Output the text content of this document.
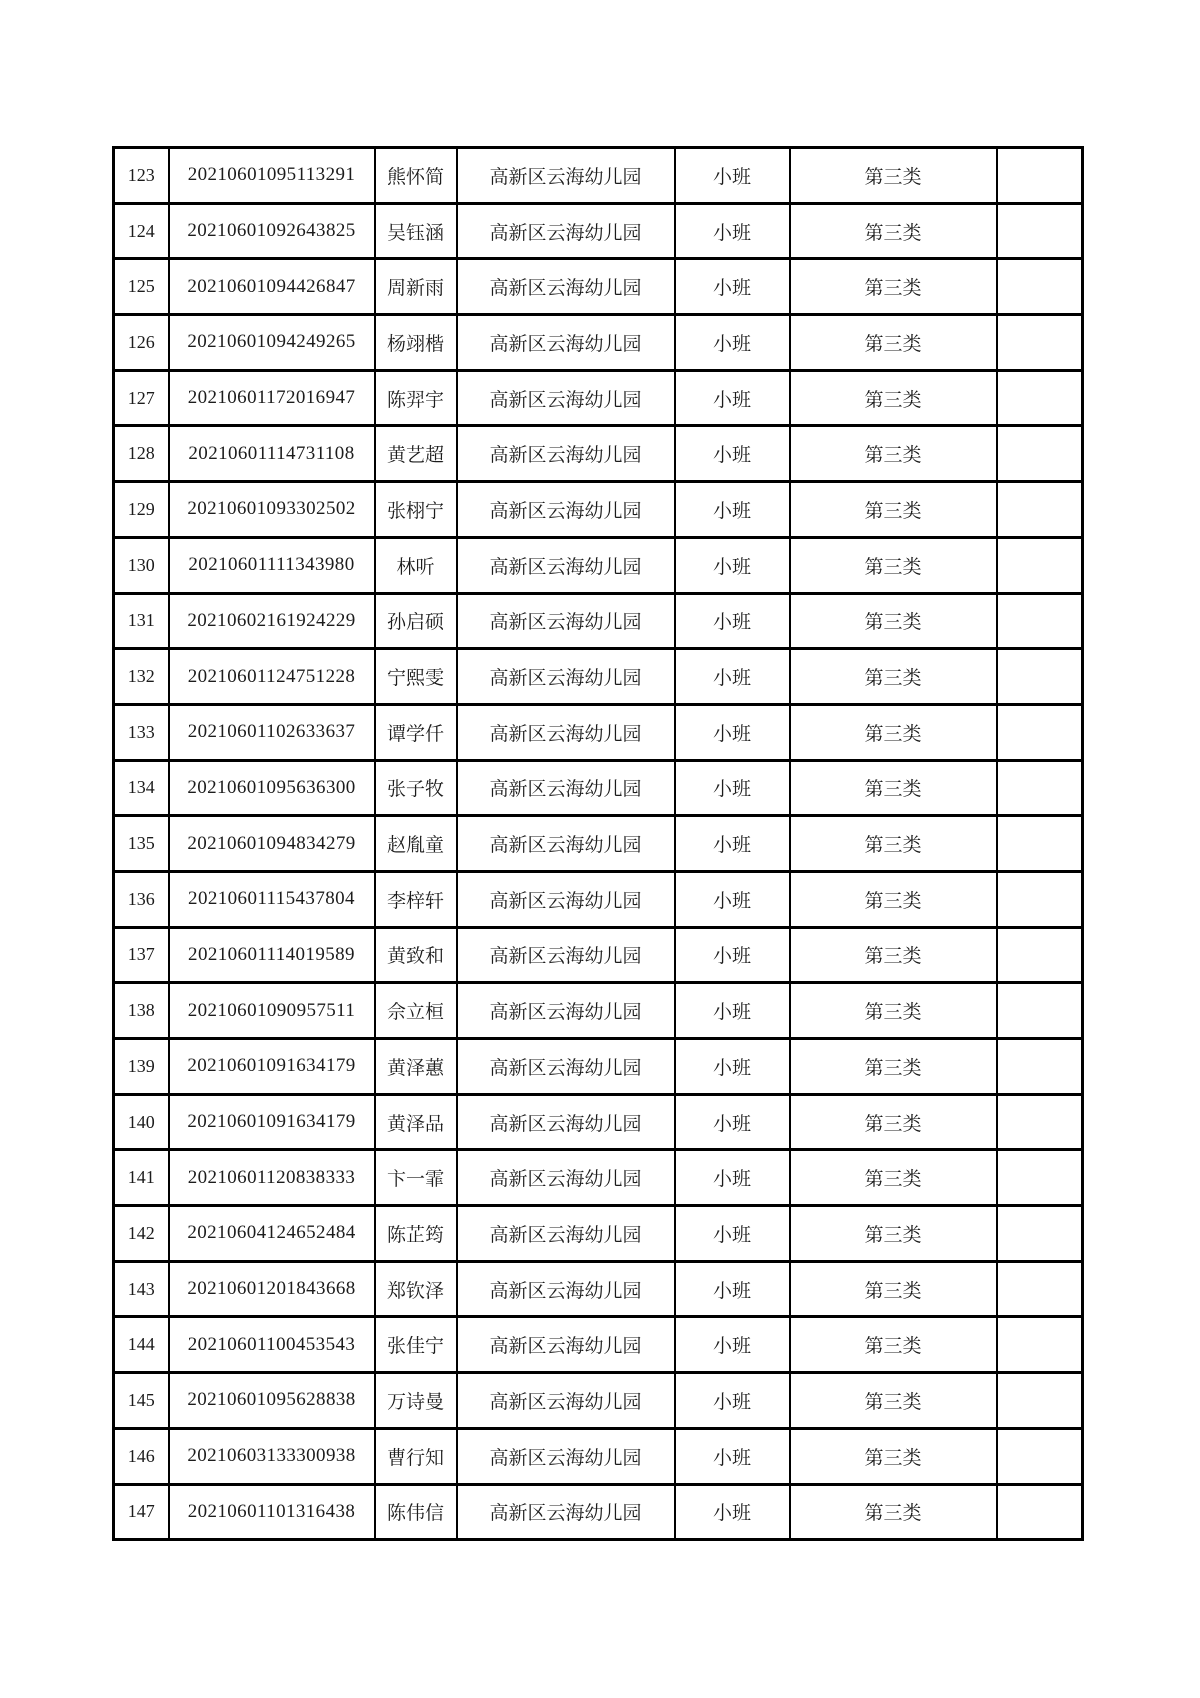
123	20210601095113291	熊怀简	高新区云海幼儿园	小班	第三类	
124	20210601092643825	吴钰涵	高新区云海幼儿园	小班	第三类	
125	20210601094426847	周新雨	高新区云海幼儿园	小班	第三类	
126	20210601094249265	杨翊楷	高新区云海幼儿园	小班	第三类	
127	20210601172016947	陈羿宇	高新区云海幼儿园	小班	第三类	
128	20210601114731108	黄艺超	高新区云海幼儿园	小班	第三类	
129	20210601093302502	张栩宁	高新区云海幼儿园	小班	第三类	
130	20210601111343980	林听	高新区云海幼儿园	小班	第三类	
131	20210602161924229	孙启硕	高新区云海幼儿园	小班	第三类	
132	20210601124751228	宁熙雯	高新区云海幼儿园	小班	第三类	
133	20210601102633637	谭学仟	高新区云海幼儿园	小班	第三类	
134	20210601095636300	张子牧	高新区云海幼儿园	小班	第三类	
135	20210601094834279	赵胤童	高新区云海幼儿园	小班	第三类	
136	20210601115437804	李梓轩	高新区云海幼儿园	小班	第三类	
137	20210601114019589	黄致和	高新区云海幼儿园	小班	第三类	
138	20210601090957511	佘立桓	高新区云海幼儿园	小班	第三类	
139	20210601091634179	黄泽蕙	高新区云海幼儿园	小班	第三类	
140	20210601091634179	黄泽品	高新区云海幼儿园	小班	第三类	
141	20210601120838333	卞一霏	高新区云海幼儿园	小班	第三类	
142	20210604124652484	陈芷筠	高新区云海幼儿园	小班	第三类	
143	20210601201843668	郑钦泽	高新区云海幼儿园	小班	第三类	
144	20210601100453543	张佳宁	高新区云海幼儿园	小班	第三类	
145	20210601095628838	万诗曼	高新区云海幼儿园	小班	第三类	
146	20210603133300938	曹行知	高新区云海幼儿园	小班	第三类	
147	20210601101316438	陈伟信	高新区云海幼儿园	小班	第三类	
